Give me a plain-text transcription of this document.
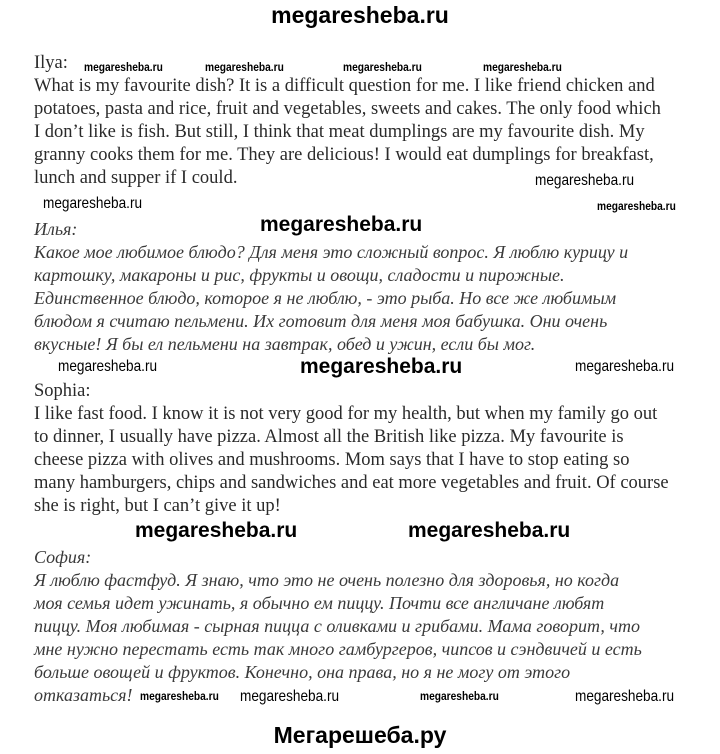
megaresheba.ru
Ilya:
What is my favourite dish? It is a difficult question for me. I like friend chicken and
potatoes, pasta and rice, fruit and vegetables, sweets and cakes. The only food which
I don’t like is fish. But still, I think that meat dumplings are my favourite dish. My
granny cooks them for me. They are delicious! I would eat dumplings for breakfast,
lunch and supper if I could.
Илья:
Какое мое любимое блюдо? Для меня это сложный вопрос. Я люблю курицу и
картошку, макароны и рис, фрукты и овощи, сладости и пирожные.
Единственное блюдо, которое я не люблю, - это рыба. Но все же любимым
блюдом я считаю пельмени. Их готовит для меня моя бабушка. Они очень
вкусные! Я бы ел пельмени на завтрак, обед и ужин, если бы мог.
Sophia:
I like fast food. I know it is not very good for my health, but when my family go out
to dinner, I usually have pizza. Almost all the British like pizza. My favourite is
cheese pizza with olives and mushrooms. Mom says that I have to stop eating so
many hamburgers, chips and sandwiches and eat more vegetables and fruit. Of course
she is right, but I can’t give it up!
София:
Я люблю фастфуд. Я знаю, что это не очень полезно для здоровья, но когда
моя семья идет ужинать, я обычно ем пиццу. Почти все англичане любят
пиццу. Моя любимая - сырная пицца с оливками и грибами. Мама говорит, что
мне нужно перестать есть так много гамбургеров, чипсов и сэндвичей и есть
больше овощей и фруктов. Конечно, она права, но я не могу от этого
отказаться!
megaresheba.ru	megaresheba.ru	megaresheba.ru	megaresheba.ru
megaresheba.ru
megaresheba.ru
megaresheba.ru
megaresheba.ru
megaresheba.ru
megaresheba.ru	megaresheba.ru
megaresheba.ru
megaresheba.ru
megaresheba.ru megaresheba.ru	megaresheba.ru	megaresheba.ru
Мегарешеба.ру
